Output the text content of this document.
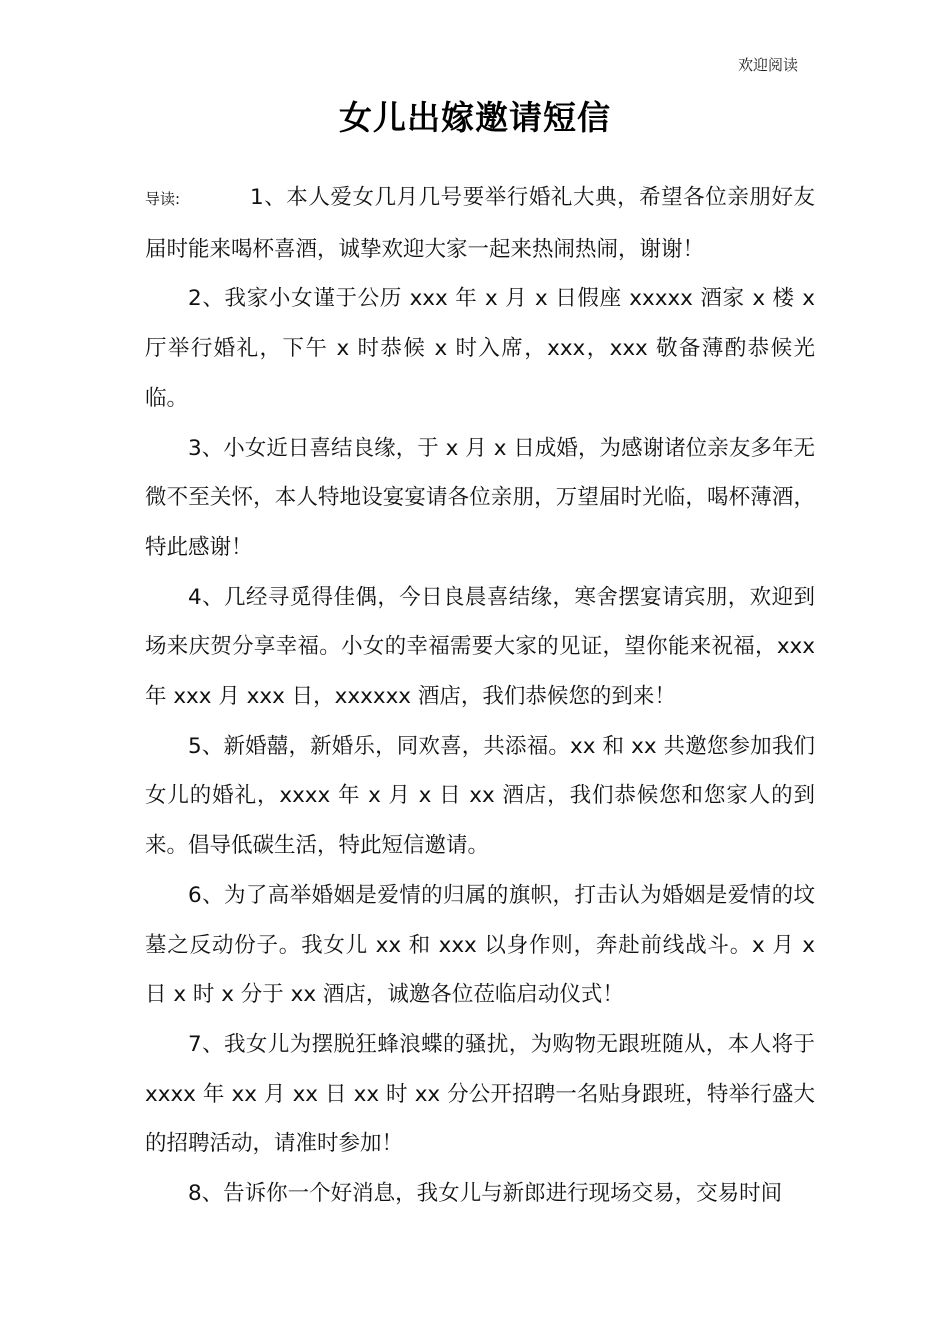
欢迎阅读
女儿出嫁邀请短信

导读:	1、本人爱女几月几号要举行婚礼大典，希望各位亲朋好友届时能来喝杯喜酒，诚挚欢迎大家一起来热闹热闹，谢谢！

2、我家小女谨于公历 xxx 年 x 月 x 日假座 xxxxx 酒家 x 楼 x 厅举行婚礼，下午 x 时恭候 x 时入席，xxx，xxx 敬备薄酌恭候光临。

3、小女近日喜结良缘，于 x 月 x 日成婚，为感谢诸位亲友多年无微不至关怀，本人特地设宴宴请各位亲朋，万望届时光临，喝杯薄酒，特此感谢！

4、几经寻觅得佳偶，今日良晨喜结缘，寒舍摆宴请宾朋，欢迎到场来庆贺分享幸福。小女的幸福需要大家的见证，望你能来祝福，xxx 年 xxx 月 xxx 日，xxxxxx 酒店，我们恭候您的到来！

5、新婚囍，新婚乐，同欢喜，共添福。xx 和 xx 共邀您参加我们女儿的婚礼，xxxx 年 x 月 x 日 xx 酒店，我们恭候您和您家人的到来。倡导低碳生活，特此短信邀请。

6、为了高举婚姻是爱情的归属的旗帜，打击认为婚姻是爱情的坟墓之反动份子。我女儿 xx 和 xxx 以身作则，奔赴前线战斗。x 月 x 日 x 时 x 分于 xx 酒店，诚邀各位莅临启动仪式！

7、我女儿为摆脱狂蜂浪蝶的骚扰，为购物无跟班随从，本人将于 xxxx 年 xx 月 xx 日 xx 时 xx 分公开招聘一名贴身跟班，特举行盛大的招聘活动，请准时参加！

8、告诉你一个好消息，我女儿与新郎进行现场交易，交易时间
